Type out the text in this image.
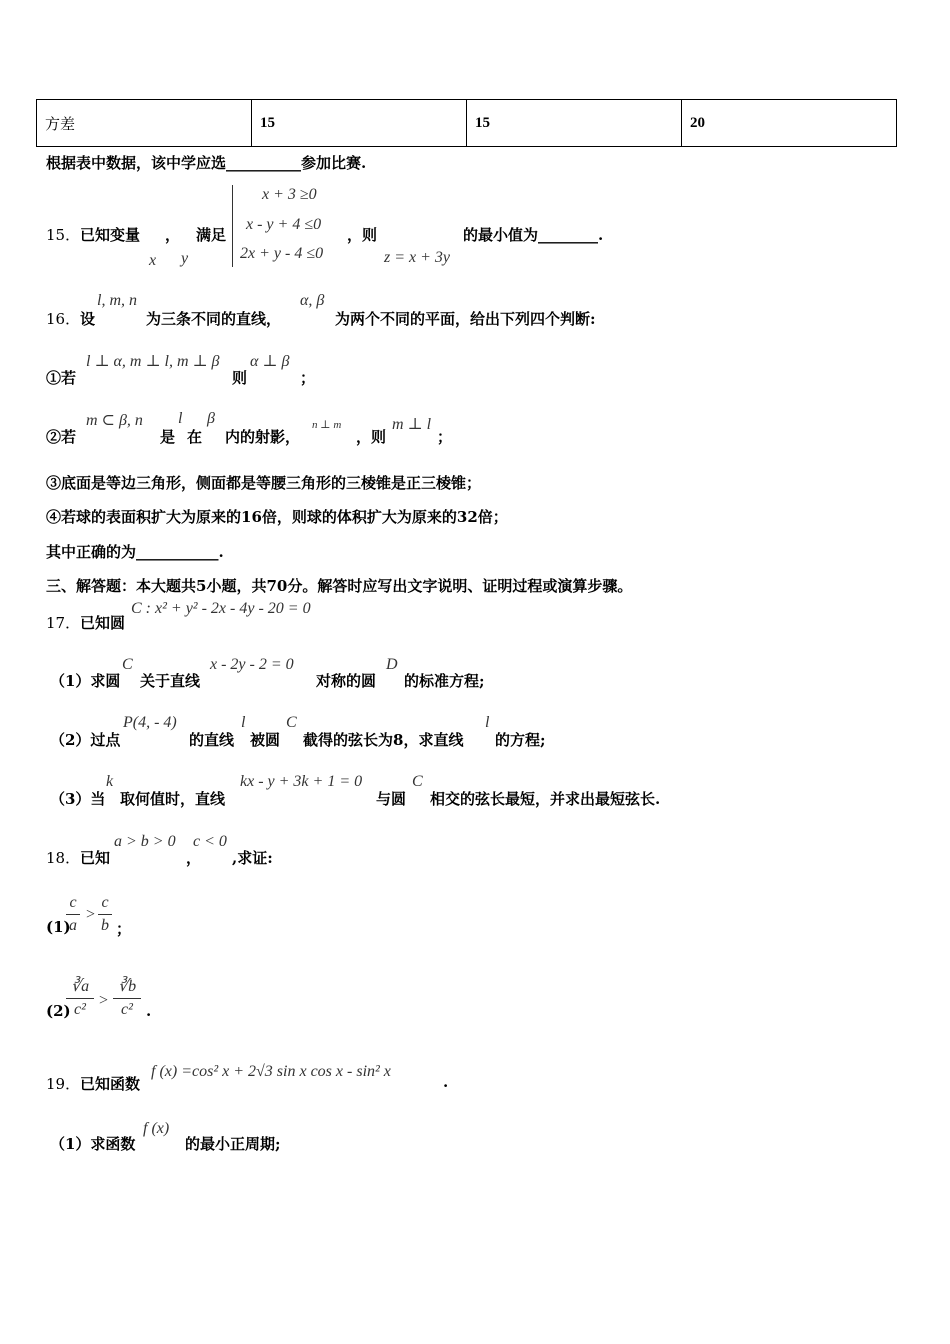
方差	15	15	20
根据表中数据，该中学应选__________参加比赛.
15． 已知变量 ， 满足
x y
x + 3 ≥0
x - y + 4 ≤0
2x + y - 4 ≤0
，则
z = x + 3y
的最小值为________.
16． 设
l, m, n
为三条不同的直线，
α, β
为两个不同的平面，给出下列四个判断:
①若
l ⊥ α, m ⊥ l, m ⊥ β
则
α ⊥ β
；
②若
m ⊂ β, n
是
l
在
β
内的射影，
n ⊥ m
，则
m ⊥ l
；
③底面是等边三角形，侧面都是等腰三角形的三棱锥是正三棱锥；
④若球的表面积扩大为原来的16倍，则球的体积扩大为原来的32倍；
其中正确的为___________.
三、解答题：本大题共5小题，共70分。解答时应写出文字说明、证明过程或演算步骤。
17． 已知圆
C : x² + y² - 2x - 4y - 20 = 0
（1）求圆
C
关于直线
x - 2y - 2 = 0
对称的圆
D
的标准方程;
（2）过点
P(4, - 4)
的直线
l
被圆
C
截得的弦长为8，求直线
l
的方程;
（3）当
k
取何值时，直线
kx - y + 3k + 1 = 0
与圆
C
相交的弦长最短，并求出最短弦长.
18． 已知
a > b > 0
，
c < 0
,求证:
(1)
c
a
>
c
b ；
(2)
∛a
c²
>
∛b
c² .
19． 已知函数
f (x) =cos² x + 2√3 sin x cos x - sin² x
.
（1）求函数
f (x)
的最小正周期;
